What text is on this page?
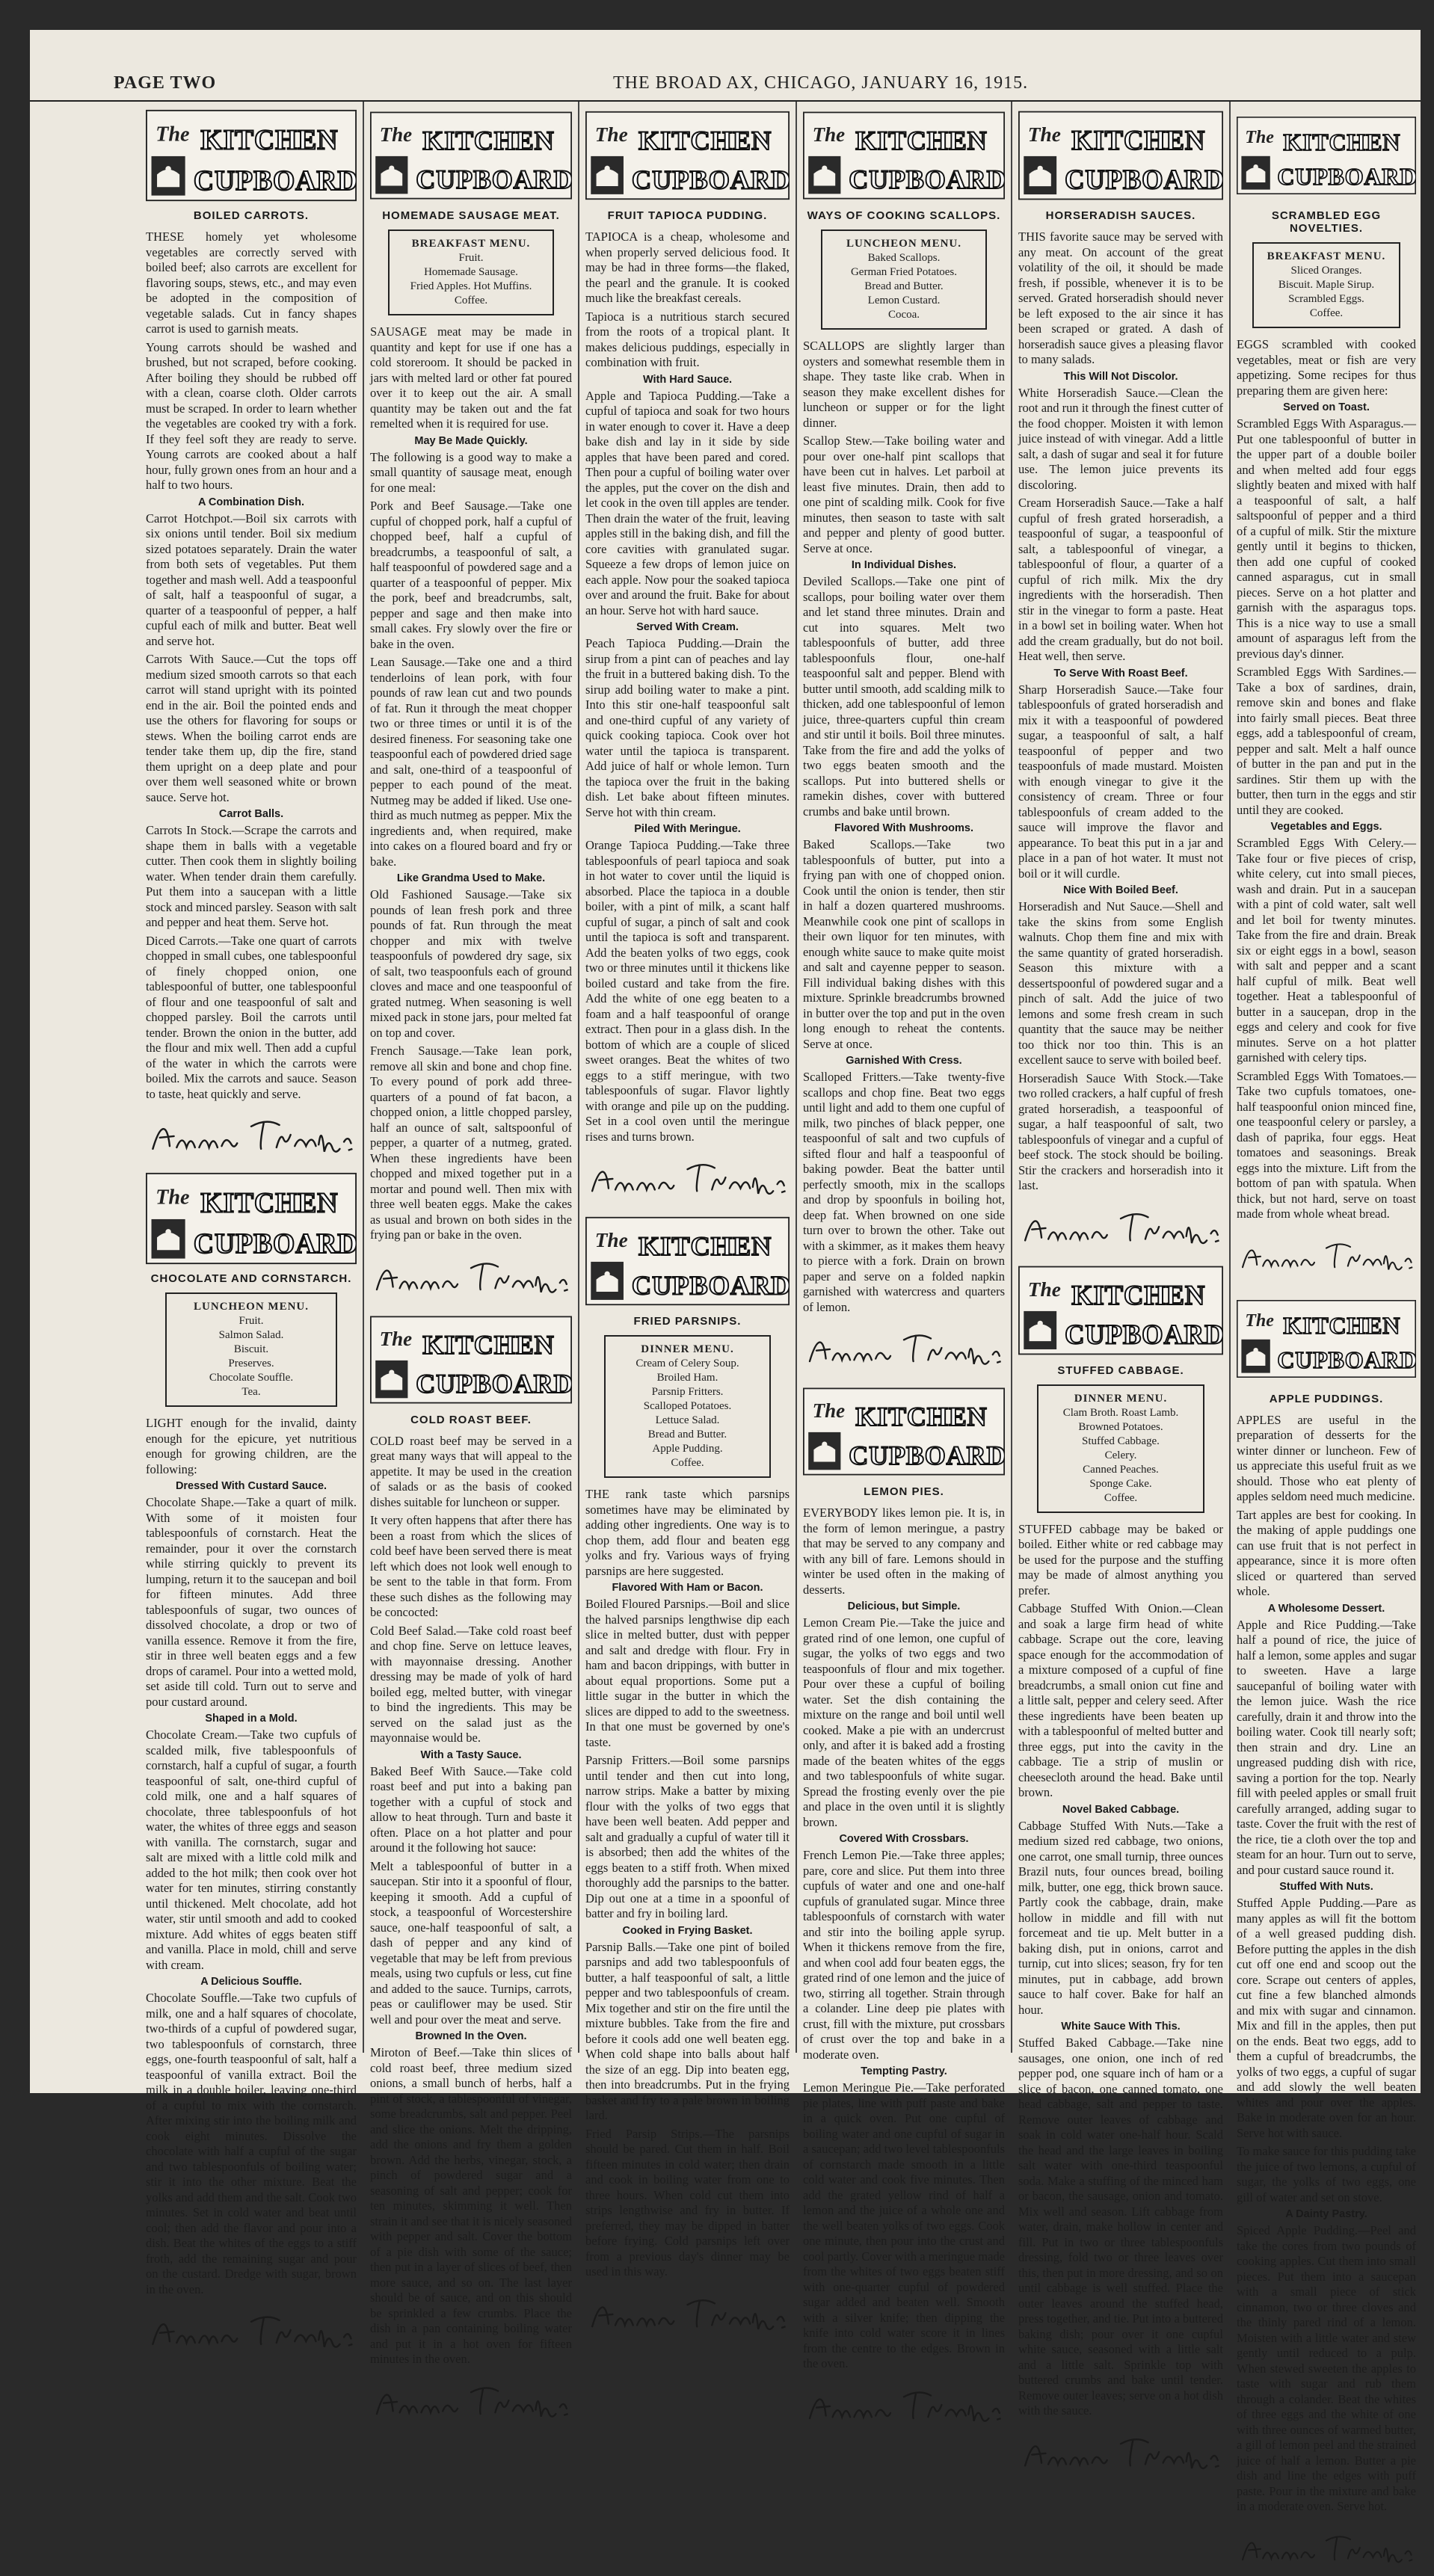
PAGE TWO	THE BROAD AX, CHICAGO, JANUARY 16, 1915.
BOILED CARROTS.

THESE homely yet wholesome vegetables are correctly served with boiled beef; also carrots are excellent for flavoring soups, stews, etc., and may even be adopted in the composition of vegetable salads. Cut in fancy shapes carrot is used to garnish meats.

Young carrots should be washed and brushed, but not scraped, before cooking. After boiling they should be rubbed off with a clean, coarse cloth. Older carrots must be scraped. In order to learn whether the vegetables are cooked try with a fork. If they feel soft they are ready to serve. Young carrots are cooked about a half hour, fully grown ones from an hour and a half to two hours.

A Combination Dish.

Carrot Hotchpot.—Boil six carrots with six onions until tender. Boil six medium sized potatoes separately. Drain the water from both sets of vegetables. Put them together and mash well. Add a teaspoonful of salt, half a teaspoonful of sugar, a quarter of a teaspoonful of pepper, a half cupful each of milk and butter. Beat well and serve hot.

Carrots With Sauce.—Cut the tops off medium sized smooth carrots so that each carrot will stand upright with its pointed end in the air. Boil the pointed ends and use the others for flavoring for soups or stews. When the boiling carrot ends are tender take them up, dip the fire, stand them upright on a deep plate and pour over them well seasoned white or brown sauce. Serve hot.

Carrot Balls.

Carrots In Stock.—Scrape the carrots and shape them in balls with a vegetable cutter. Then cook them in slightly boiling water. When tender drain them carefully. Put them into a saucepan with a little stock and minced parsley. Season with salt and pepper and heat them. Serve hot.

Diced Carrots.—Take one quart of carrots chopped in small cubes, one tablespoonful of finely chopped onion, one tablespoonful of butter, one tablespoonful of flour and one teaspoonful of salt and chopped parsley. Boil the carrots until tender. Brown the onion in the butter, add the flour and mix well. Then add a cupful of the water in which the carrots were boiled. Mix the carrots and sauce. Season to taste, heat quickly and serve.

CHOCOLATE AND CORNSTARCH.
LUNCHEON MENU.
Fruit.
Salmon Salad.
Biscuit.
Preserves.
Chocolate Souffle.
Tea.

LIGHT enough for the invalid, dainty enough for the epicure, yet nutritious enough for growing children, are the following:

Dressed With Custard Sauce.

Chocolate Shape.—Take a quart of milk. With some of it moisten four tablespoonfuls of cornstarch. Heat the remainder, pour it over the cornstarch while stirring quickly to prevent its lumping, return it to the saucepan and boil for fifteen minutes. Add three tablespoonfuls of sugar, two ounces of dissolved chocolate, a drop or two of vanilla essence. Remove it from the fire, stir in three well beaten eggs and a few drops of caramel. Pour into a wetted mold, set aside till cold. Turn out to serve and pour custard around.

Shaped in a Mold.

Chocolate Cream.—Take two cupfuls of scalded milk, five tablespoonfuls of cornstarch, half a cupful of sugar, a fourth teaspoonful of salt, one-third cupful of cold milk, one and a half squares of chocolate, three tablespoonfuls of hot water, the whites of three eggs and season with vanilla. The cornstarch, sugar and salt are mixed with a little cold milk and added to the hot milk; then cook over hot water for ten minutes, stirring constantly until thickened. Melt chocolate, add hot water, stir until smooth and add to cooked mixture. Add whites of eggs beaten stiff and vanilla. Place in mold, chill and serve with cream.

A Delicious Souffle.

Chocolate Souffle.—Take two cupfuls of milk, one and a half squares of chocolate, two-thirds of a cupful of powdered sugar, two tablespoonfuls of cornstarch, three eggs, one-fourth teaspoonful of salt, half a teaspoonful of vanilla extract. Boil the milk in a double boiler, leaving one-third of a cupful to mix with the cornstarch. After mixing stir into the boiling milk and cook eight minutes. Dissolve the chocolate with half a cupful of the sugar and two tablespoonfuls of boiling water; stir it into the other mixture. Beat the yolks and add them and the salt. Cook two minutes. Set in cold water and beat until cool; then add the flavor and pour into a dish. Beat the whites of the eggs to a stiff froth, add the remaining sugar and pour on the custard. Dredge with sugar, brown in the oven.

HOMEMADE SAUSAGE MEAT.
BREAKFAST MENU.
Fruit.
Homemade Sausage.
Fried Apples. Hot Muffins.
Coffee.

SAUSAGE meat may be made in quantity and kept for use if one has a cold storeroom. It should be packed in jars with melted lard or other fat poured over it to keep out the air. A small quantity may be taken out and the fat remelted when it is required for use.

May Be Made Quickly.

The following is a good way to make a small quantity of sausage meat, enough for one meal:

Pork and Beef Sausage.—Take one cupful of chopped pork, half a cupful of chopped beef, half a cupful of breadcrumbs, a teaspoonful of salt, a half teaspoonful of powdered sage and a quarter of a teaspoonful of pepper. Mix the pork, beef and breadcrumbs, salt, pepper and sage and then make into small cakes. Fry slowly over the fire or bake in the oven.

Lean Sausage.—Take one and a third tenderloins of lean pork, with four pounds of raw lean cut and two pounds of fat. Run it through the meat chopper two or three times or until it is of the desired fineness. For seasoning take one teaspoonful each of powdered dried sage and salt, one-third of a teaspoonful of pepper to each pound of the meat. Nutmeg may be added if liked. Use one-third as much nutmeg as pepper. Mix the ingredients and, when required, make into cakes on a floured board and fry or bake.

Like Grandma Used to Make.

Old Fashioned Sausage.—Take six pounds of lean fresh pork and three pounds of fat. Run through the meat chopper and mix with twelve teaspoonfuls of powdered dry sage, six of salt, two teaspoonfuls each of ground cloves and mace and one teaspoonful of grated nutmeg. When seasoning is well mixed pack in stone jars, pour melted fat on top and cover.

French Sausage.—Take lean pork, remove all skin and bone and chop fine. To every pound of pork add three-quarters of a pound of fat bacon, a chopped onion, a little chopped parsley, half an ounce of salt, saltspoonful of pepper, a quarter of a nutmeg, grated. When these ingredients have been chopped and mixed together put in a mortar and pound well. Then mix with three well beaten eggs. Make the cakes as usual and brown on both sides in the frying pan or bake in the oven.

COLD ROAST BEEF.

COLD roast beef may be served in a great many ways that will appeal to the appetite. It may be used in the creation of salads or as the basis of cooked dishes suitable for luncheon or supper.

It very often happens that after there has been a roast from which the slices of cold beef have been served there is meat left which does not look well enough to be sent to the table in that form. From these such dishes as the following may be concocted:

Cold Beef Salad.—Take cold roast beef and chop fine. Serve on lettuce leaves, with mayonnaise dressing. Another dressing may be made of yolk of hard boiled egg, melted butter, with vinegar to bind the ingredients. This may be served on the salad just as the mayonnaise would be.

With a Tasty Sauce.

Baked Beef With Sauce.—Take cold roast beef and put into a baking pan together with a cupful of stock and allow to heat through. Turn and baste it often. Place on a hot platter and pour around it the following hot sauce:

Melt a tablespoonful of butter in a saucepan. Stir into it a spoonful of flour, keeping it smooth. Add a cupful of stock, a teaspoonful of Worcestershire sauce, one-half teaspoonful of salt, a dash of pepper and any kind of vegetable that may be left from previous meals, using two cupfuls or less, cut fine and added to the sauce. Turnips, carrots, peas or cauliflower may be used. Stir well and pour over the meat and serve.

Browned In the Oven.

Miroton of Beef.—Take thin slices of cold roast beef, three medium sized onions, a small bunch of herbs, half a pint of stock, a tablespoonful of vinegar, some breadcrumbs, salt and pepper. Peel and slice the onions. Melt the dripping, add the onions and fry them a golden brown. Add the herbs, vinegar, stock, a pinch of powdered sugar and a seasoning of salt and pepper; cook for ten minutes, skimming it well. Then strain it and see that it is nicely seasoned with pepper and salt. Cover the bottom of a pie dish with some of the sauce; then put in a layer of slices of beef, then more sauce, and so on. The last layer should be of sauce, and on this should be sprinkled a few crumbs. Place the dish in a pan containing boiling water and put it in a hot oven for fifteen minutes in the oven.

FRUIT TAPIOCA PUDDING.

TAPIOCA is a cheap, wholesome and when properly served delicious food. It may be had in three forms—the flaked, the pearl and the granule. It is cooked much like the breakfast cereals.

Tapioca is a nutritious starch secured from the roots of a tropical plant. It makes delicious puddings, especially in combination with fruit.

With Hard Sauce.

Apple and Tapioca Pudding.—Take a cupful of tapioca and soak for two hours in water enough to cover it. Have a deep bake dish and lay in it side by side apples that have been pared and cored. Then pour a cupful of boiling water over the apples, put the cover on the dish and let cook in the oven till apples are tender. Then drain the water of the fruit, leaving apples still in the baking dish, and fill the core cavities with granulated sugar. Squeeze a few drops of lemon juice on each apple. Now pour the soaked tapioca over and around the fruit. Bake for about an hour. Serve hot with hard sauce.

Served With Cream.

Peach Tapioca Pudding.—Drain the sirup from a pint can of peaches and lay the fruit in a buttered baking dish. To the sirup add boiling water to make a pint. Into this stir one-half teaspoonful salt and one-third cupful of any variety of quick cooking tapioca. Cook over hot water until the tapioca is transparent. Add juice of half or whole lemon. Turn the tapioca over the fruit in the baking dish. Let bake about fifteen minutes. Serve hot with thin cream.

Piled With Meringue.

Orange Tapioca Pudding.—Take three tablespoonfuls of pearl tapioca and soak in hot water to cover until the liquid is absorbed. Place the tapioca in a double boiler, with a pint of milk, a scant half cupful of sugar, a pinch of salt and cook until the tapioca is soft and transparent. Add the beaten yolks of two eggs, cook two or three minutes until it thickens like boiled custard and take from the fire. Add the white of one egg beaten to a foam and a half teaspoonful of orange extract. Then pour in a glass dish. In the bottom of which are a couple of sliced sweet oranges. Beat the whites of two eggs to a stiff meringue, with two tablespoonfuls of sugar. Flavor lightly with orange and pile up on the pudding. Set in a cool oven until the meringue rises and turns brown.

FRIED PARSNIPS.
DINNER MENU.
Cream of Celery Soup.
Broiled Ham.
Parsnip Fritters.
Scalloped Potatoes.
Lettuce Salad.
Bread and Butter.
Apple Pudding.
Coffee.

THE rank taste which parsnips sometimes have may be eliminated by adding other ingredients. One way is to chop them, add flour and beaten egg yolks and fry. Various ways of frying parsnips are here suggested.

Flavored With Ham or Bacon.

Boiled Floured Parsnips.—Boil and slice the halved parsnips lengthwise dip each slice in melted butter, dust with pepper and salt and dredge with flour. Fry in ham and bacon drippings, with butter in about equal proportions. Some put a little sugar in the butter in which the slices are dipped to add to the sweetness. In that one must be governed by one's taste.

Parsnip Fritters.—Boil some parsnips until tender and then cut into long, narrow strips. Make a batter by mixing flour with the yolks of two eggs that have been well beaten. Add pepper and salt and gradually a cupful of water till it is absorbed; then add the whites of the eggs beaten to a stiff froth. When mixed thoroughly add the parsnips to the batter. Dip out one at a time in a spoonful of batter and fry in boiling lard.

Cooked in Frying Basket.

Parsnip Balls.—Take one pint of boiled parsnips and add two tablespoonfuls of butter, a half teaspoonful of salt, a little pepper and two tablespoonfuls of cream. Mix together and stir on the fire until the mixture bubbles. Take from the fire and before it cools add one well beaten egg. When cold shape into balls about half the size of an egg. Dip into beaten egg, then into breadcrumbs. Put in the frying basket and fry to a pale brown in boiling lard.

Fried Parsip Strips.—The parsnips should be pared. Cut them in half. Boil fifteen minutes in cold water; then drain and cook in boiling water from one to three hours. When cold cut them into strips lengthwise and fry in butter. If preferred, they may be dipped in batter before frying. Cold parsnips left over from a previous day's dinner may be used in this way.

WAYS OF COOKING SCALLOPS.
LUNCHEON MENU.
Baked Scallops.
German Fried Potatoes.
Bread and Butter.
Lemon Custard.
Cocoa.

SCALLOPS are slightly larger than oysters and somewhat resemble them in shape. They taste like crab. When in season they make excellent dishes for luncheon or supper or for the light dinner.

Scallop Stew.—Take boiling water and pour over one-half pint scallops that have been cut in halves. Let parboil at least five minutes. Drain, then add to one pint of scalding milk. Cook for five minutes, then season to taste with salt and pepper and plenty of good butter. Serve at once.

In Individual Dishes.

Deviled Scallops.—Take one pint of scallops, pour boiling water over them and let stand three minutes. Drain and cut into squares. Melt two tablespoonfuls of butter, add three tablespoonfuls flour, one-half teaspoonful salt and pepper. Blend with butter until smooth, add scalding milk to thicken, add one tablespoonful of lemon juice, three-quarters cupful thin cream and stir until it boils. Boil three minutes. Take from the fire and add the yolks of two eggs beaten smooth and the scallops. Put into buttered shells or ramekin dishes, cover with buttered crumbs and bake until brown.

Flavored With Mushrooms.

Baked Scallops.—Take two tablespoonfuls of butter, put into a frying pan with one of chopped onion. Cook until the onion is tender, then stir in half a dozen quartered mushrooms. Meanwhile cook one pint of scallops in their own liquor for ten minutes, with enough white sauce to make quite moist and salt and cayenne pepper to season. Fill individual baking dishes with this mixture. Sprinkle breadcrumbs browned in butter over the top and put in the oven long enough to reheat the contents. Serve at once.

Garnished With Cress.

Scalloped Fritters.—Take twenty-five scallops and chop fine. Beat two eggs until light and add to them one cupful of milk, two pinches of black pepper, one teaspoonful of salt and two cupfuls of sifted flour and half a teaspoonful of baking powder. Beat the batter until perfectly smooth, mix in the scallops and drop by spoonfuls in boiling hot, deep fat. When browned on one side turn over to brown the other. Take out with a skimmer, as it makes them heavy to pierce with a fork. Drain on brown paper and serve on a folded napkin garnished with watercress and quarters of lemon.

LEMON PIES.

EVERYBODY likes lemon pie. It is, in the form of lemon meringue, a pastry that may be served to any company and with any bill of fare. Lemons should in winter be used often in the making of desserts.

Delicious, but Simple.

Lemon Cream Pie.—Take the juice and grated rind of one lemon, one cupful of sugar, the yolks of two eggs and two teaspoonfuls of flour and mix together. Pour over these a cupful of boiling water. Set the dish containing the mixture on the range and boil until well cooked. Make a pie with an undercrust only, and after it is baked add a frosting made of the beaten whites of the eggs and two tablespoonfuls of white sugar. Spread the frosting evenly over the pie and place in the oven until it is slightly brown.

Covered With Crossbars.

French Lemon Pie.—Take three apples; pare, core and slice. Put them into three cupfuls of water and one and one-half cupfuls of granulated sugar. Mince three tablespoonfuls of cornstarch with water and stir into the boiling apple syrup. When it thickens remove from the fire, and when cool add four beaten eggs, the grated rind of one lemon and the juice of two, stirring all together. Strain through a colander. Line deep pie plates with crust, fill with the mixture, put crossbars of crust over the top and bake in a moderate oven.

Tempting Pastry.

Lemon Meringue Pie.—Take perforated pie plates, line with puff paste and bake in a quick oven. Put one cupful of boiling water and one cupful of sugar in a saucepan; add two level tablespoonfuls of cornstarch made smooth in a little cold water and cook five minutes. Then add the grated yellow rind of half a lemon and the juice of a whole one and the well beaten yolks of two eggs. Cook one minute, then pour into the crust and cool partly. Cover with a meringue made from the whites of two eggs beaten stiff with one-quarter cupful of powdered sugar added and beaten well. Smooth with a silver knife; then dipping the knife into cold water score it in lines from the centre to the edges. Brown in the oven.

HORSERADISH SAUCES.

THIS favorite sauce may be served with any meat. On account of the great volatility of the oil, it should be made fresh, if possible, whenever it is to be served. Grated horseradish should never be left exposed to the air since it has been scraped or grated. A dash of horseradish sauce gives a pleasing flavor to many salads.

This Will Not Discolor.

White Horseradish Sauce.—Clean the root and run it through the finest cutter of the food chopper. Moisten it with lemon juice instead of with vinegar. Add a little salt, a dash of sugar and seal it for future use. The lemon juice prevents its discoloring.

Cream Horseradish Sauce.—Take a half cupful of fresh grated horseradish, a teaspoonful of sugar, a teaspoonful of salt, a tablespoonful of vinegar, a tablespoonful of flour, a quarter of a cupful of rich milk. Mix the dry ingredients with the horseradish. Then stir in the vinegar to form a paste. Heat in a bowl set in boiling water. When hot add the cream gradually, but do not boil. Heat well, then serve.

To Serve With Roast Beef.

Sharp Horseradish Sauce.—Take four tablespoonfuls of grated horseradish and mix it with a teaspoonful of powdered sugar, a teaspoonful of salt, a half teaspoonful of pepper and two teaspoonfuls of made mustard. Moisten with enough vinegar to give it the consistency of cream. Three or four tablespoonfuls of cream added to the sauce will improve the flavor and appearance. To beat this put in a jar and place in a pan of hot water. It must not boil or it will curdle.

Nice With Boiled Beef.

Horseradish and Nut Sauce.—Shell and take the skins from some English walnuts. Chop them fine and mix with the same quantity of grated horseradish. Season this mixture with a dessertspoonful of powdered sugar and a pinch of salt. Add the juice of two lemons and some fresh cream in such quantity that the sauce may be neither too thick nor too thin. This is an excellent sauce to serve with boiled beef.

Horseradish Sauce With Stock.—Take two rolled crackers, a half cupful of fresh grated horseradish, a teaspoonful of sugar, a half teaspoonful of salt, two tablespoonfuls of vinegar and a cupful of beef stock. The stock should be boiling. Stir the crackers and horseradish into it last.

STUFFED CABBAGE.
DINNER MENU.
Clam Broth. Roast Lamb.
Browned Potatoes.
Stuffed Cabbage.
Celery.
Canned Peaches.
Sponge Cake.
Coffee.

STUFFED cabbage may be baked or boiled. Either white or red cabbage may be used for the purpose and the stuffing may be made of almost anything you prefer.

Cabbage Stuffed With Onion.—Clean and soak a large firm head of white cabbage. Scrape out the core, leaving space enough for the accommodation of a mixture composed of a cupful of fine breadcrumbs, a small onion cut fine and a little salt, pepper and celery seed. After these ingredients have been beaten up with a tablespoonful of melted butter and three eggs, put into the cavity in the cabbage. Tie a strip of muslin or cheesecloth around the head. Bake until brown.

Novel Baked Cabbage.

Cabbage Stuffed With Nuts.—Take a medium sized red cabbage, two onions, one carrot, one small turnip, three ounces Brazil nuts, four ounces bread, boiling milk, butter, one egg, thick brown sauce. Partly cook the cabbage, drain, make hollow in middle and fill with nut forcemeat and tie up. Melt butter in a baking dish, put in onions, carrot and turnip, cut into slices; season, fry for ten minutes, put in cabbage, add brown sauce to half cover. Bake for half an hour.

White Sauce With This.

Stuffed Baked Cabbage.—Take nine sausages, one onion, one inch of red pepper pod, one square inch of ham or a slice of bacon, one canned tomato, one head cabbage, salt and pepper to taste. Remove outer leaves of cabbage and soak in cold water one-half hour. Scald the head and the large leaves in boiling salt water with one-third teaspoonful soda. Make a stuffing of the minced ham or bacon, the sausage, onion and tomato. Mix well and season. Lift cabbage from water, drain, make hollow in center and fill. Put in two or three tablespoonfuls dressing, fold two or three leaves over this, then put in more dressing, and so on until cabbage is well stuffed. Place the outer leaves around the stuffed head, press together, and tie. Put into a buttered baking dish; pour over it one cupful white sauce, seasoned with a little salt and a little salt. Sprinkle top with buttered crumbs and bake until tender. Remove outer leaves; serve on a hot dish with the sauce.

SCRAMBLED EGG NOVELTIES.
BREAKFAST MENU.
Sliced Oranges.
Biscuit. Maple Sirup.
Scrambled Eggs.
Coffee.

EGGS scrambled with cooked vegetables, meat or fish are very appetizing. Some recipes for thus preparing them are given here:

Served on Toast.

Scrambled Eggs With Asparagus.—Put one tablespoonful of butter in the upper part of a double boiler and when melted add four eggs slightly beaten and mixed with half a teaspoonful of salt, a half saltspoonful of pepper and a third of a cupful of milk. Stir the mixture gently until it begins to thicken, then add one cupful of cooked canned asparagus, cut in small pieces. Serve on a hot platter and garnish with the asparagus tops. This is a nice way to use a small amount of asparagus left from the previous day's dinner.

Scrambled Eggs With Sardines.—Take a box of sardines, drain, remove skin and bones and flake into fairly small pieces. Beat three eggs, add a tablespoonful of cream, pepper and salt. Melt a half ounce of butter in the pan and put in the sardines. Stir them up with the butter, then turn in the eggs and stir until they are cooked.

Vegetables and Eggs.

Scrambled Eggs With Celery.—Take four or five pieces of crisp, white celery, cut into small pieces, wash and drain. Put in a saucepan with a pint of cold water, salt well and let boil for twenty minutes. Take from the fire and drain. Break six or eight eggs in a bowl, season with salt and pepper and a scant half cupful of milk. Beat well together. Heat a tablespoonful of butter in a saucepan, drop in the eggs and celery and cook for five minutes. Serve on a hot platter garnished with celery tips.

Scrambled Eggs With Tomatoes.—Take two cupfuls tomatoes, one-half teaspoonful onion minced fine, one teaspoonful celery or parsley, a dash of paprika, four eggs. Heat tomatoes and seasonings. Break eggs into the mixture. Lift from the bottom of pan with spatula. When thick, but not hard, serve on toast made from whole wheat bread.

APPLE PUDDINGS.

APPLES are useful in the preparation of desserts for the winter dinner or luncheon. Few of us appreciate this useful fruit as we should. Those who eat plenty of apples seldom need much medicine.

Tart apples are best for cooking. In the making of apple puddings one can use fruit that is not perfect in appearance, since it is more often sliced or quartered than served whole.

A Wholesome Dessert.

Apple and Rice Pudding.—Take half a pound of rice, the juice of half a lemon, some apples and sugar to sweeten. Have a large saucepanful of boiling water with the lemon juice. Wash the rice carefully, drain it and throw into the boiling water. Cook till nearly soft; then strain and dry. Line an ungreased pudding dish with rice, saving a portion for the top. Nearly fill with peeled apples or small fruit carefully arranged, adding sugar to taste. Cover the fruit with the rest of the rice, tie a cloth over the top and steam for an hour. Turn out to serve, and pour custard sauce round it.

Stuffed With Nuts.

Stuffed Apple Pudding.—Pare as many apples as will fit the bottom of a well greased pudding dish. Before putting the apples in the dish cut off one end and scoop out the core. Scrape out centers of apples, cut fine a few blanched almonds and mix with sugar and cinnamon. Mix and fill in the apples, then put on the ends. Beat two eggs, add to them a cupful of breadcrumbs, the yolks of two eggs, a cupful of sugar and add slowly the well beaten whites and pour over the apples. Bake in moderate oven for an hour. Serve hot with sauce.

To make sauce for this pudding take the juice of two lemons, a cupful of sugar, the yolks of two eggs, one gill of water and set on stove.

A Dainty Pastry.

Spiced Apple Pudding.—Peel and take the cores from two pounds of cooking apples. Cut them into small pieces. Put them into a saucepan with a small piece of stick cinnamon, two or three cloves and the thinly pared rind of a lemon. Moisten with a little water and stew gently until reduced to a pulp. When stewed sweeten the apples to taste with sugar and rub them through a colander. Beat the whites of three eggs and the white of one with three ounces of warmed butter, a gill of lemon peel and the strained juice of half a lemon. Butter a pie dish and line the edges with puff paste. Pour in the mixture and bake in a moderate oven. Serve hot.
